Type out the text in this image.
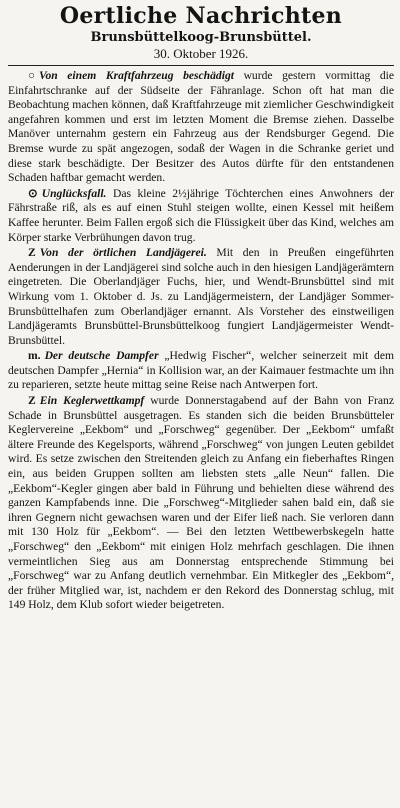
Oertliche Nachrichten
Brunsbüttelkoog-Brunsbüttel.
30. Oktober 1926.

○ Von einem Kraftfahrzeug beschädigt wurde gestern vormittag die Einfahrtschranke auf der Südseite der Fähranlage. Schon oft hat man die Beobachtung machen können, daß Kraftfahrzeuge mit ziemlicher Geschwindigkeit angefahren kommen und erst im letzten Moment die Bremse ziehen. Dasselbe Manöver unternahm gestern ein Fahrzeug aus der Rendsburger Gegend. Die Bremse wurde zu spät angezogen, sodaß der Wagen in die Schranke geriet und diese stark beschädigte. Der Besitzer des Autos dürfte für den entstandenen Schaden haftbar gemacht werden.

⊙ Unglücksfall. Das kleine 2½jährige Töchterchen eines Anwohners der Fährstraße riß, als es auf einen Stuhl steigen wollte, einen Kessel mit heißem Kaffee herunter. Beim Fallen ergoß sich die Flüssigkeit über das Kind, welches am Körper starke Verbrühungen davon trug.

Z Von der örtlichen Landjägerei. Mit den in Preußen eingeführten Aenderungen in der Landjägerei sind solche auch in den hiesigen Landjägerämtern eingetreten. Die Oberlandjäger Fuchs, hier, und Wendt-Brunsbüttel sind mit Wirkung vom 1. Oktober d. Js. zu Landjägermeistern, der Landjäger Sommer-Brunsbüttelhafen zum Oberlandjäger ernannt. Als Vorsteher des einstweiligen Landjägeramts Brunsbüttel-Brunsbüttelkoog fungiert Landjägermeister Wendt-Brunsbüttel.

m. Der deutsche Dampfer „Hedwig Fischer“, welcher seinerzeit mit dem deutschen Dampfer „Hernia“ in Kollision war, an der Kaimauer festmachte um ihn zu reparieren, setzte heute mittag seine Reise nach Antwerpen fort.

Z Ein Keglerwettkampf wurde Donnerstagabend auf der Bahn von Franz Schade in Brunsbüttel ausgetragen. Es standen sich die beiden Brunsbütteler Keglervereine „Eekbom“ und „Forschweg“ gegenüber. Der „Eekbom“ umfaßt ältere Freunde des Kegelsports, während „Forschweg“ von jungen Leuten gebildet wird. Es setze zwischen den Streitenden gleich zu Anfang ein fieberhaftes Ringen ein, aus beiden Gruppen sollten am liebsten stets „alle Neun“ fallen. Die „Eekbom“-Kegler gingen aber bald in Führung und behielten diese während des ganzen Kampfabends inne. Die „Forschweg“-Mitglieder sahen bald ein, daß sie ihren Gegnern nicht gewachsen waren und der Eifer ließ nach. Sie verloren dann mit 130 Holz für „Eekbom“. — Bei den letzten Wettbewerbskegeln hatte „Forschweg“ den „Eekbom“ mit einigen Holz mehrfach geschlagen. Die ihnen vermeintlichen Sieg aus am Donnerstag entsprechende Stimmung bei „Forschweg“ war zu Anfang deutlich vernehmbar. Ein Mitkegler des „Eekbom“, der früher Mitglied war, ist, nachdem er den Rekord des Donnerstag schlug, mit 149 Holz, dem Klub sofort wieder beigetreten.
